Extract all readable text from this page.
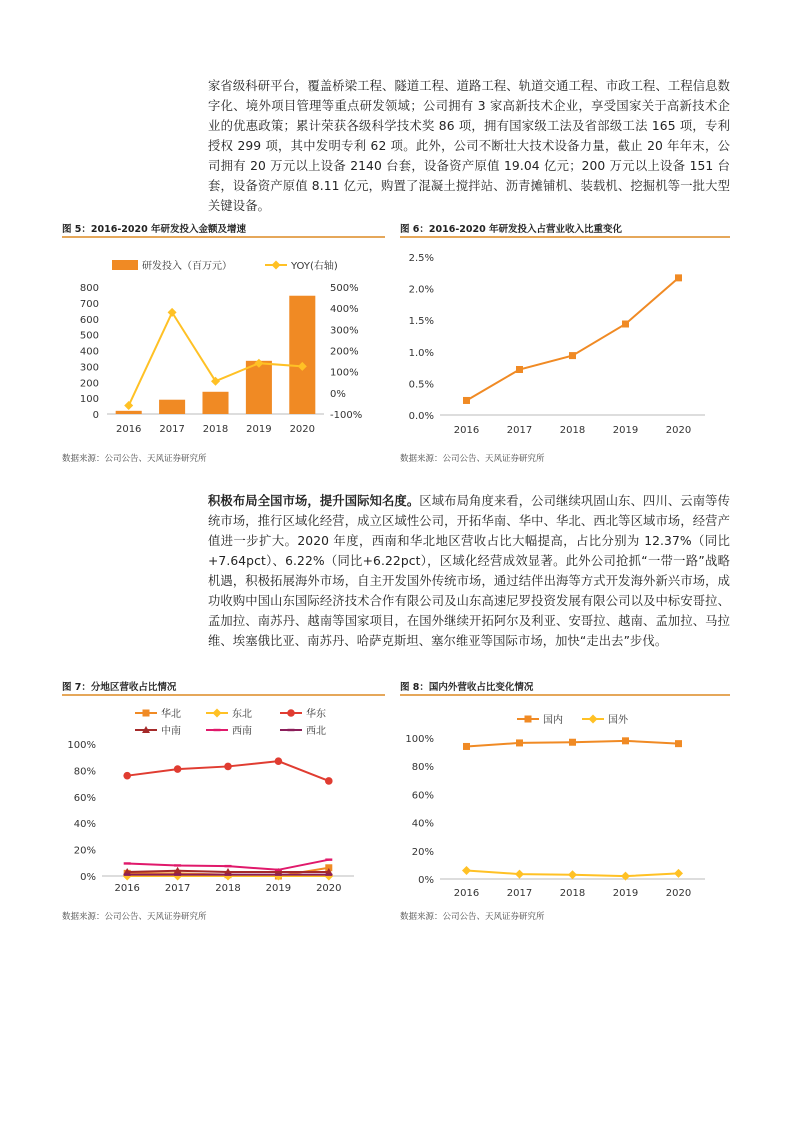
家省级科研平台，覆盖桥梁工程、隧道工程、道路工程、轨道交通工程、市政工程、工程信息数字化、境外项目管理等重点研发领域；公司拥有 3 家高新技术企业，享受国家关于高新技术企业的优惠政策；累计荣获各级科学技术奖 86 项，拥有国家级工法及省部级工法 165 项，专利授权 299 项，其中发明专利 62 项。此外，公司不断壮大技术设备力量，截止 20 年年末，公司拥有 20 万元以上设备 2140 台套，设备资产原值 19.04 亿元；200 万元以上设备 151 台套，设备资产原值 8.11 亿元，购置了混凝土搅拌站、沥青摊铺机、装载机、挖掘机等一批大型关键设备。
图 5：2016-2020 年研发投入金额及增速
800
700
600
500
400
300
200
100
0
500%
400%
300%
200%
100%
0%
-100%
2016 2017 2018 2019 2020
研发投入（百万元）	YOY(右轴)
数据来源：公司公告、天风证券研究所
图 6：2016-2020 年研发投入占营业收入比重变化
2.5%
2.0%
1.5%
1.0%
0.5%
0.0%
2016	2017	2018	2019	2020
数据来源：公司公告、天风证券研究所
积极布局全国市场，提升国际知名度。区域布局角度来看，公司继续巩固山东、四川、云南等传统市场，推行区域化经营，成立区域性公司，开拓华南、华中、华北、西北等区域市场，经营产值进一步扩大。2020 年度，西南和华北地区营收占比大幅提高，占比分别为 12.37%（同比+7.64pct）、6.22%（同比+6.22pct），区域化经营成效显著。此外公司抢抓“一带一路”战略机遇，积极拓展海外市场，自主开发国外传统市场，通过结伴出海等方式开发海外新兴市场，成功收购中国山东国际经济技术合作有限公司及山东高速尼罗投资发展有限公司以及中标安哥拉、孟加拉、南苏丹、越南等国家项目，在国外继续开拓阿尔及利亚、安哥拉、越南、孟加拉、马拉维、埃塞俄比亚、南苏丹、哈萨克斯坦、塞尔维亚等国际市场，加快“走出去”步伐。
图 7：分地区营收占比情况
100%
80%
60%
40%
20%
0%
2016 2017 2018 2019 2020
华北	东北	华东
中南	西南	西北
数据来源：公司公告、天风证券研究所
图 8：国内外营收占比变化情况
100%
80%
60%
40%
20%
0%
2016	2017	2018	2019	2020
国内	国外
数据来源：公司公告、天风证券研究所
